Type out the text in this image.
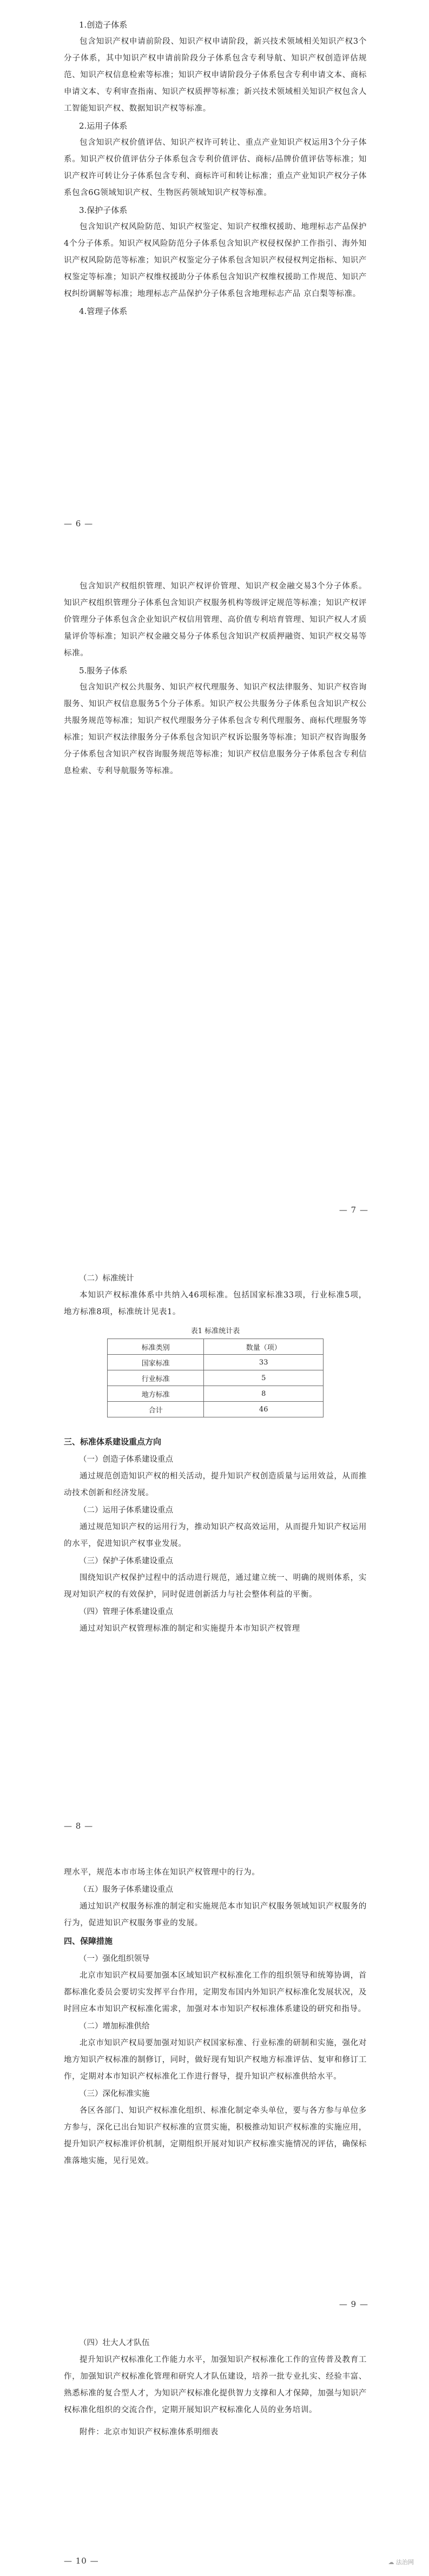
1.创造子体系

包含知识产权申请前阶段、知识产权申请阶段，新兴技术领域相关知识产权3个分子体系，其中知识产权申请前阶段分子体系包含专利导航、知识产权创造评估规范、知识产权信息检索等标准；知识产权申请阶段分子体系包含专利申请文本、商标申请文本、专利审查指南、知识产权质押等标准；新兴技术领域相关知识产权包含人工智能知识产权、数据知识产权等标准。

2.运用子体系

包含知识产权价值评估、知识产权许可转让、重点产业知识产权运用3个分子体系。知识产权价值评估分子体系包含专利价值评估、商标/品牌价值评估等标准；知识产权许可转让分子体系包含专利、商标许可和转让标准；重点产业知识产权分子体系包含6G领域知识产权、生物医药领域知识产权等标准。

3.保护子体系

包含知识产权风险防范、知识产权鉴定、知识产权维权援助、地理标志产品保护4个分子体系。知识产权风险防范分子体系包含知识产权侵权保护工作指引、海外知识产权风险防范等标准；知识产权鉴定分子体系包含知识产权侵权判定指标、知识产权鉴定等标准；知识产权维权援助分子体系包含知识产权维权援助工作规范、知识产权纠纷调解等标准；地理标志产品保护分子体系包含地理标志产品 京白梨等标准。

4.管理子体系

— 6 —

包含知识产权组织管理、知识产权评价管理、知识产权金融交易3个分子体系。知识产权组织管理分子体系包含知识产权服务机构等级评定规范等标准；知识产权评价管理分子体系包含企业知识产权信用管理、高价值专利培育管理、知识产权人才质量评价等标准；知识产权金融交易分子体系包含知识产权质押融资、知识产权交易等标准。

5.服务子体系

包含知识产权公共服务、知识产权代理服务、知识产权法律服务、知识产权咨询服务、知识产权信息服务5个分子体系。知识产权公共服务分子体系包含知识产权公共服务规范等标准；知识产权代理服务分子体系包含专利代理服务、商标代理服务等标准；知识产权法律服务分子体系包含知识产权诉讼服务等标准；知识产权咨询服务分子体系包含知识产权咨询服务规范等标准；知识产权信息服务分子体系包含专利信息检索、专利导航服务等标准。

— 7 —

（二）标准统计

本知识产权标准体系中共纳入46项标准。包括国家标准33项，行业标准5项，地方标准8项，标准统计见表1。

表1 标准统计表
标准类别	数量（项）
国家标准	33
行业标准	5
地方标准	8
合计	46

三、标准体系建设重点方向

（一）创造子体系建设重点

通过规范创造知识产权的相关活动，提升知识产权创造质量与运用效益，从而推动技术创新和经济发展。

（二）运用子体系建设重点

通过规范知识产权的运用行为，推动知识产权高效运用，从而提升知识产权运用的水平，促进知识产权事业发展。

（三）保护子体系建设重点

围绕知识产权保护过程中的活动进行规范，通过建立统一、明确的规则体系，实现对知识产权的有效保护，同时促进创新活力与社会整体利益的平衡。

（四）管理子体系建设重点

通过对知识产权管理标准的制定和实施提升本市知识产权管理

— 8 —

理水平，规范本市市场主体在知识产权管理中的行为。

（五）服务子体系建设重点

通过知识产权服务标准的制定和实施规范本市知识产权服务领域知识产权服务的行为，促进知识产权服务事业的发展。

四、保障措施

（一）强化组织领导

北京市知识产权局要加强本区域知识产权标准化工作的组织领导和统筹协调，首都标准化委员会要切实发挥平台作用，定期发布国内外知识产权标准化发展状况，及时回应本市知识产权标准化需求，加强对本市知识产权标准体系建设的研究和指导。

（二）增加标准供给

北京市知识产权局要加强对知识产权国家标准、行业标准的研制和实施，强化对地方知识产权标准的制修订，同时，做好现有知识产权地方标准评估、复审和修订工作，定期对本市知识产权标准化工作进行督导，提升知识产权标准供给水平。

（三）深化标准实施

各区各部门、知识产权标准化组织、标准化制定牵头单位，要与各方参与单位多方参与，深化已出台知识产权标准的宣贯实施，积极推动知识产权标准的实施应用，提升知识产权标准评价机制，定期组织开展对知识产权标准实施情况的评估，确保标准落地实施，见行见效。

— 9 —

（四）壮大人才队伍

提升知识产权标准化工作能力水平，加强知识产权标准化工作的宣传普及教育工作，加强知识产权标准化管理和研究人才队伍建设，培养一批专业扎实、经验丰富、熟悉标准的复合型人才，为知识产权标准化提供智力支撑和人才保障，加强与知识产权标准化组织的交流合作，定期开展知识产权标准化人员的业务培训。

附件：北京市知识产权标准体系明细表

— 10 —	☁ 法治网
